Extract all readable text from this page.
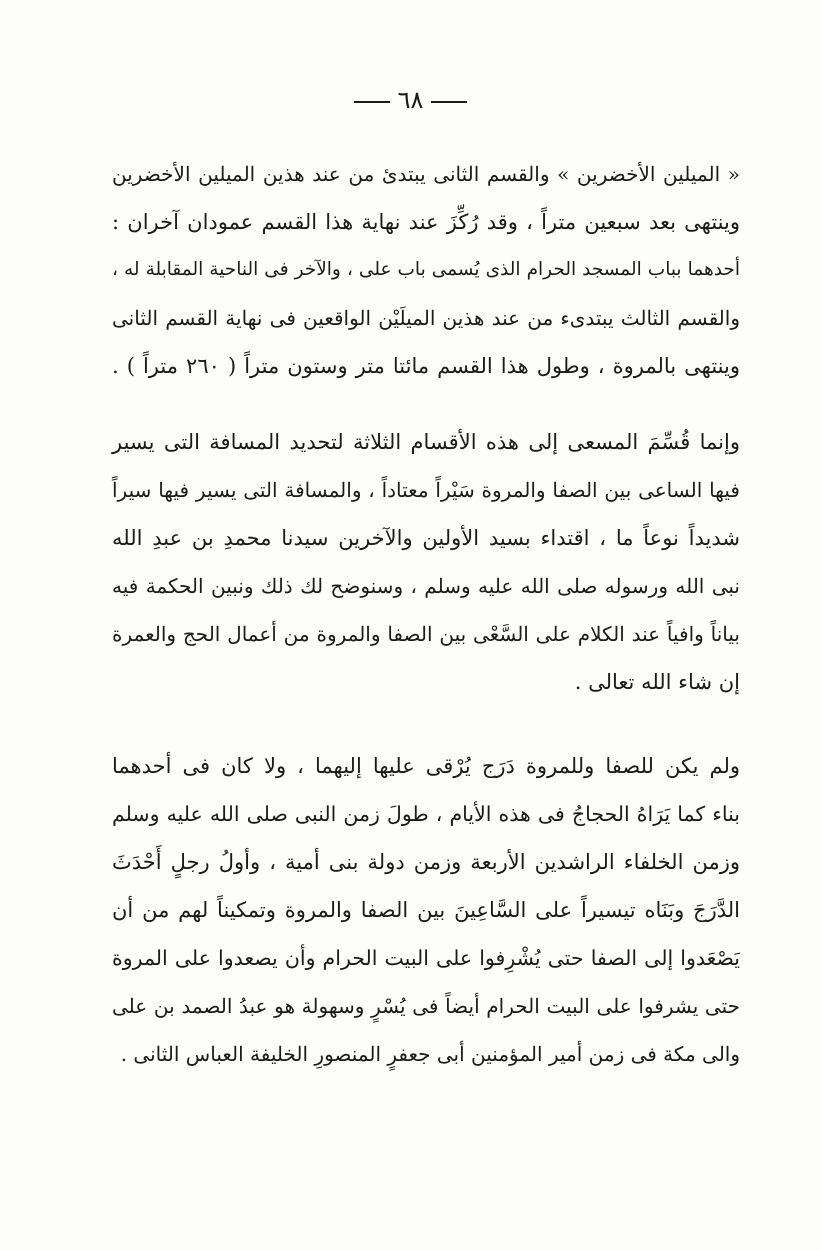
٦٨
« الميلين الأخضرين » والقسم الثانى يبتدئ من عند هذين الميلين الأخضرين
وينتهى بعد سبعين متراً ، وقد رُكِّزَ عند نهاية هذا القسم عمودان آخران :
أحدهما بباب المسجد الحرام الذى يُسمى باب على ، والآخر فى الناحية المقابلة له ،
والقسم الثالث يبتدىء من عند هذين الميلَيْن الواقعين فى نهاية القسم الثانى
وينتهى بالمروة ، وطول هذا القسم مائتا متر وستون متراً ( ٢٦٠ متراً ) .
وإنما قُسِّمَ المسعى إلى هذه الأقسام الثلاثة لتحديد المسافة التى يسير
فيها الساعى بين الصفا والمروة سَيْراً معتاداً ، والمسافة التى يسير فيها سيراً
شديداً نوعاً ما ، اقتداء بسيد الأولين والآخرين سيدنا محمدِ بن عبدِ الله
نبى الله ورسوله صلى الله عليه وسلم ، وسنوضح لك ذلك ونبين الحكمة فيه
بياناً وافياً عند الكلام على السَّعْى بين الصفا والمروة من أعمال الحج والعمرة
إن شاء الله تعالى .
ولم يكن للصفا وللمروة دَرَج يُرْقى عليها إليهما ، ولا كان فى أحدهما
بناء كما يَرَاهُ الحجاجُ فى هذه الأيام ، طولَ زمن النبى صلى الله عليه وسلم
وزمن الخلفاء الراشدين الأربعة وزمن دولة بنى أمية ، وأولُ رجلٍ أَحْدَثَ
الدَّرَجَ وبَنَاه تيسيراً على السَّاعِينَ بين الصفا والمروة وتمكيناً لهم من أن
يَصْعَدوا إلى الصفا حتى يُشْرِفوا على البيت الحرام وأن يصعدوا على المروة
حتى يشرفوا على البيت الحرام أيضاً فى يُسْرٍ وسهولة هو عبدُ الصمد بن على
والى مكة فى زمن أمير المؤمنين أبى جعفرٍ المنصورِ الخليفة العباس الثانى .
